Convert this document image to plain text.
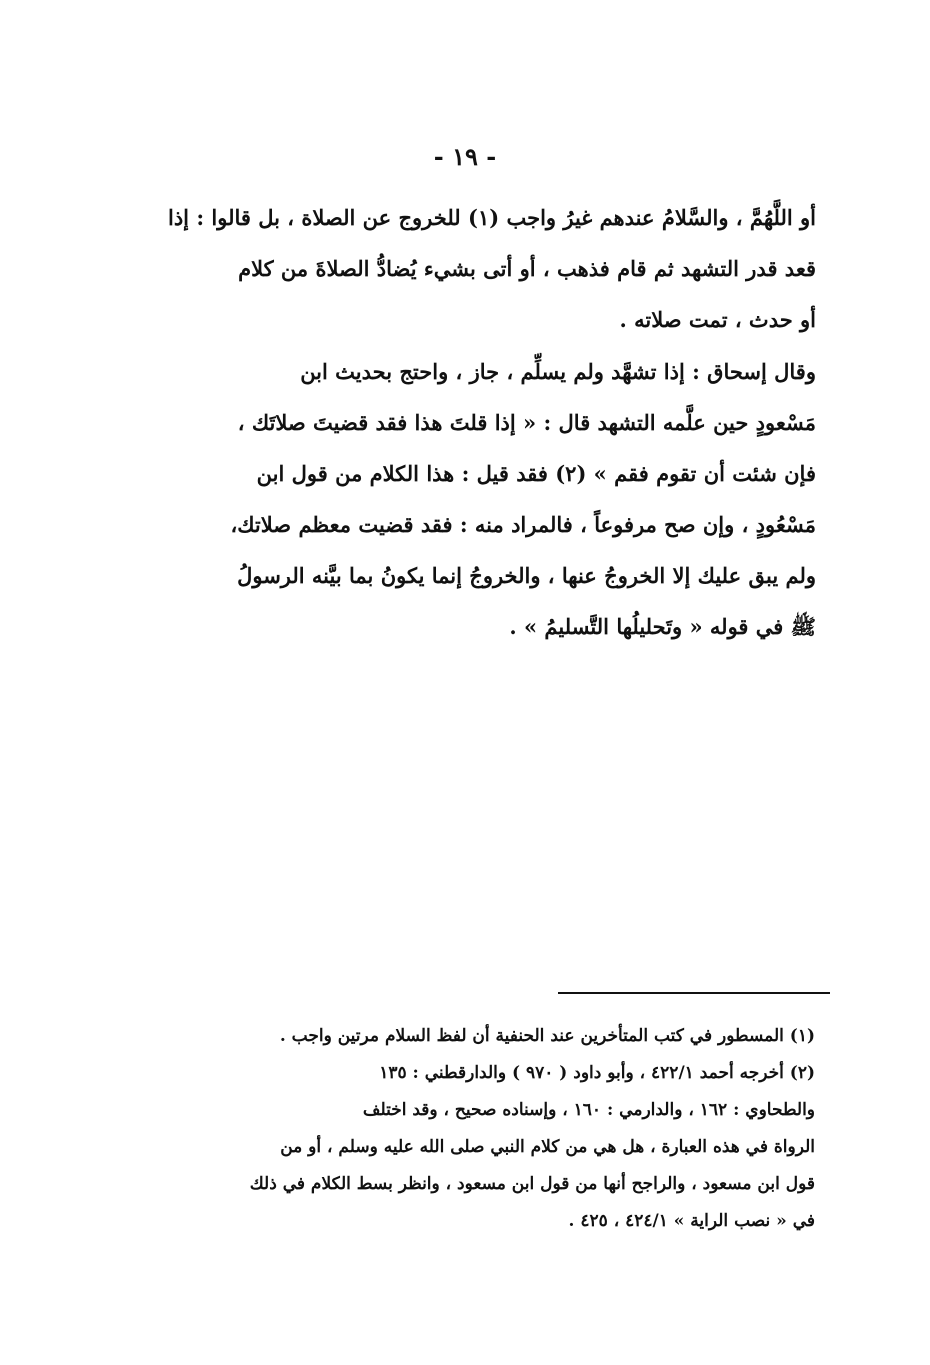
- ١٩ -
أو اللَّهُمَّ ، والسَّلامُ عندهم غيرُ واجب (١) للخروج عن الصلاة ، بل قالوا : إذا
قعد قدر التشهد ثم قام فذهب ، أو أتى بشيء يُضادُّ الصلاةَ من كلام
أو حدث ، تمت صلاته .
وقال إسحاق : إذا تشهَّد ولم يسلِّم ، جاز ، واحتج بحديث ابن
مَسْعودٍ حين علَّمه التشهد قال : « إذا قلتَ هذا فقد قضيتَ صلاتَك ،
فإن شئت أن تقوم فقم » (٢) فقد قيل : هذا الكلام من قول ابن
مَسْعُودٍ ، وإن صح مرفوعاً ، فالمراد منه : فقد قضيت معظم صلاتك،
ولم يبق عليك إلا الخروجُ عنها ، والخروجُ إنما يكونُ بما بيَّنه الرسولُ
ﷺ في قوله « وتَحليلُها التَّسليمُ » .
(١) المسطور في كتب المتأخرين عند الحنفية أن لفظ السلام مرتين واجب .
(٢) أخرجه أحمد ٤٢٢/١ ، وأبو داود ( ٩٧٠ ) والدارقطني : ١٣٥
والطحاوي : ١٦٢ ، والدارمي : ١٦٠ ، وإسناده صحيح ، وقد اختلف
الرواة في هذه العبارة ، هل هي من كلام النبي صلى الله عليه وسلم ، أو من
قول ابن مسعود ، والراجح أنها من قول ابن مسعود ، وانظر بسط الكلام في ذلك
في « نصب الراية » ٤٢٤/١ ، ٤٢٥ .
